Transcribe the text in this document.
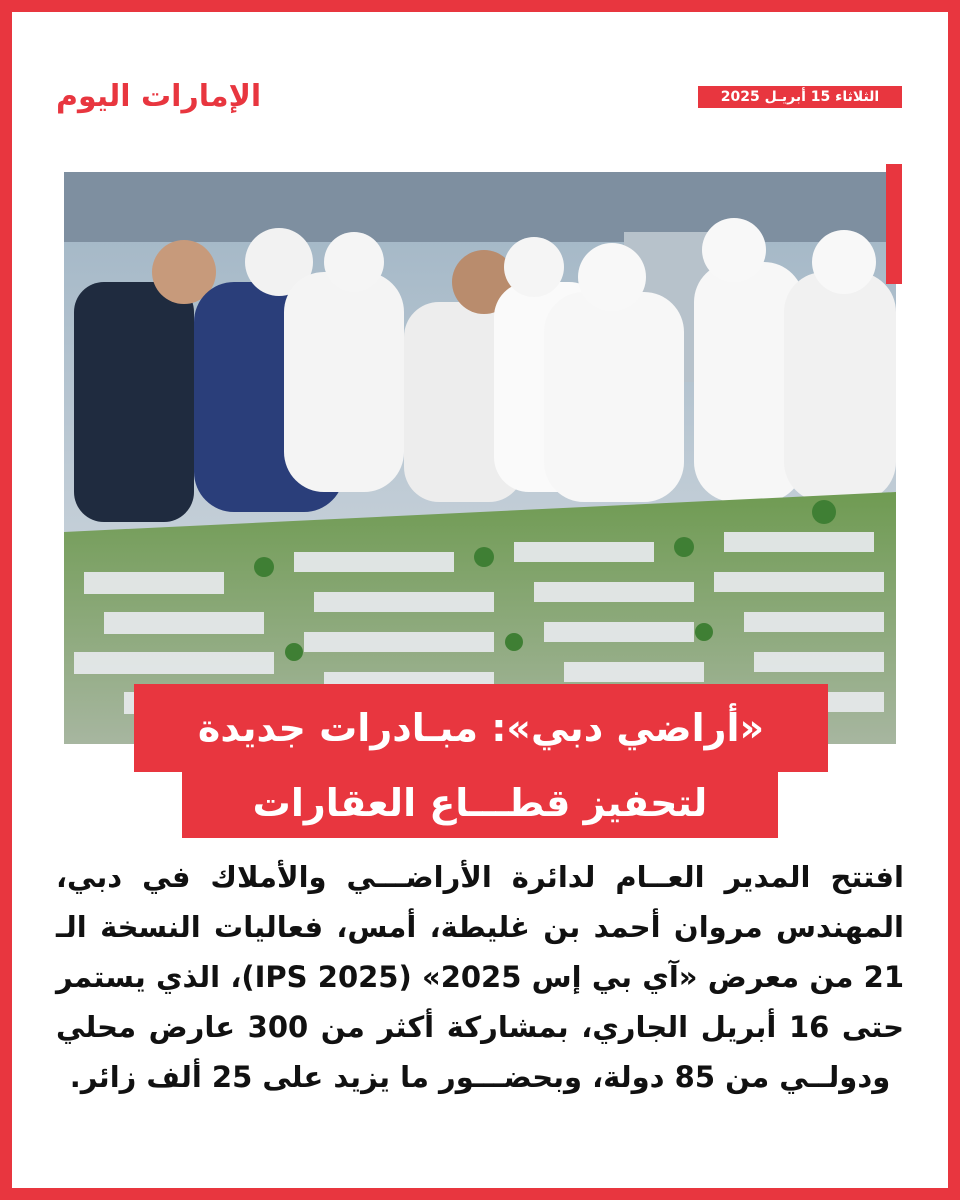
الإمارات اليوم	الثلاثاء 15 أبريـل 2025
«أراضي دبي»: مبـادرات جديدة
لتحفيز قطـــاع العقارات
افتتح المدير العــام لدائرة الأراضـــي والأملاك في دبي، المهندس مروان أحمد بن غليطة، أمس، فعاليات النسخة الـ 21 من معرض «آي بي إس 2025» (IPS 2025)، الذي يستمر حتى 16 أبريل الجاري، بمشاركة أكثر من 300 عارض محلي ودولــي من 85 دولة، وبحضـــور ما يزيد على 25 ألف زائر.
